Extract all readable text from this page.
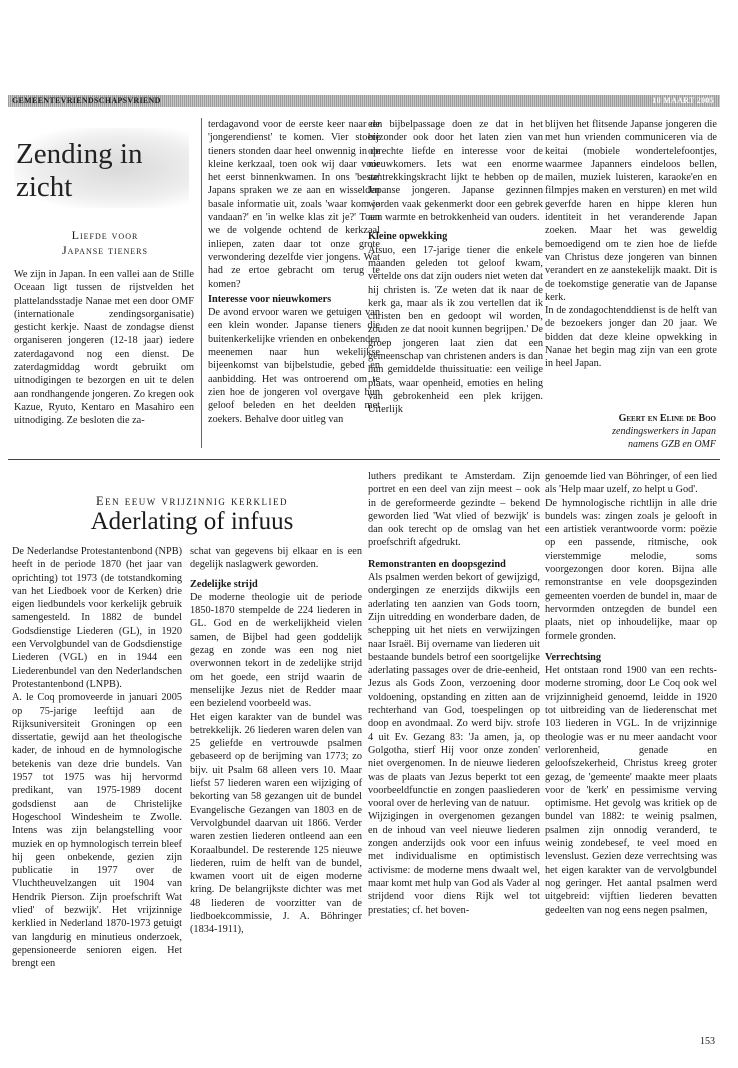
GEMEENTEVRIENDSCHAPSVRIEND	10 MAART 2005
Zending in zicht
Liefde voor
Japanse tieners

We zijn in Japan. In een vallei aan de Stille Oceaan ligt tussen de rijstvelden het plattelandsstadje Nanae met een door OMF (internationale zendingsorganisatie) gesticht kerkje. Naast de zondagse dienst organiseren jongeren (12-18 jaar) iedere zaterdagavond nog een dienst. De zaterdagmiddag wordt gebruikt om uitnodigingen te bezorgen en uit te delen aan rondhangende jongeren. Zo kregen ook Kazue, Ryuto, Kentaro en Masahiro een uitnodiging. Ze besloten die za-

terdagavond voor de eerste keer naar de 'jongerendienst' te komen. Vier stoere tieners stonden daar heel onwennig in de kleine kerkzaal, toen ook wij daar voor het eerst binnenkwamen. In ons 'beste' Japans spraken we ze aan en wisselden basale informatie uit, zoals 'waar kom je vandaan?' en 'in welke klas zit je?' Toen we de volgende ochtend de kerkzaal inliepen, zaten daar tot onze grote verwondering dezelfde vier jongens. Wat had ze ertoe gebracht om terug te komen?

Interesse voor nieuwkomers

De avond ervoor waren we getuigen van een klein wonder. Japanse tieners die buitenkerkelijke vrienden en onbekenden meenemen naar hun wekelijkse bijeenkomst van bijbelstudie, gebed en aanbidding. Het was ontroerend om te zien hoe de jongeren vol overgave hun geloof beleden en het deelden met zoekers. Behalve door uitleg van

een bijbelpassage doen ze dat in het bijzonder ook door het laten zien van oprechte liefde en interesse voor de nieuwkomers. Iets wat een enorme aantrekkingskracht lijkt te hebben op de Japanse jongeren. Japanse gezinnen worden vaak gekenmerkt door een gebrek aan warmte en betrokkenheid van ouders.

Kleine opwekking

Atsuo, een 17-jarige tiener die enkele maanden geleden tot geloof kwam, vertelde ons dat zijn ouders niet weten dat hij christen is. 'Ze weten dat ik naar de kerk ga, maar als ik zou vertellen dat ik christen ben en gedoopt wil worden, zouden ze dat nooit kunnen begrijpen.' De groep jongeren laat zien dat een gemeenschap van christenen anders is dan hun gemiddelde thuissituatie: een veilige plaats, waar openheid, emoties en heling van gebrokenheid een plek krijgen. Uiterlijk

blijven het flitsende Japanse jongeren die met hun vrienden communiceren via de keitai (mobiele wondertelefoontjes, waarmee Japanners eindeloos bellen, mailen, muziek luisteren, karaoke'en en filmpjes maken en versturen) en met wild geverfde haren en hippe kleren hun identiteit in het veranderende Japan zoeken. Maar het was geweldig bemoedigend om te zien hoe de liefde van Christus deze jongeren van binnen verandert en ze aanstekelijk maakt. Dit is de toekomstige generatie van de Japanse kerk.

In de zondagochtenddienst is de helft van de bezoekers jonger dan 20 jaar. We bidden dat deze kleine opwekking in Nanae het begin mag zijn van een grote in heel Japan.

Geert en Eline de Boo
zendingswerkers in Japan
namens GZB en OMF
Een eeuw vrijzinnig kerklied
Aderlating of infuus

De Nederlandse Protestantenbond (NPB) heeft in de periode 1870 (het jaar van oprichting) tot 1973 (de totstandkoming van het Liedboek voor de Kerken) drie eigen liedbundels voor kerkelijk gebruik samengesteld. In 1882 de bundel Godsdienstige Liederen (GL), in 1920 een Vervolgbundel van de Godsdienstige Liederen (VGL) en in 1944 een Liederenbundel van den Nederlandschen Protestantenbond (LNPB).

A. le Coq promoveerde in januari 2005 op 75-jarige leeftijd aan de Rijksuniversiteit Groningen op een dissertatie, gewijd aan het theologische kader, de inhoud en de hymnologische betekenis van deze drie bundels. Van 1957 tot 1975 was hij hervormd predikant, van 1975-1989 docent godsdienst aan de Christelijke Hogeschool Windesheim te Zwolle. Intens was zijn belangstelling voor muziek en op hymnologisch terrein bleef hij geen onbekende, gezien zijn publicatie in 1977 over de Vluchtheuvelzangen uit 1904 van Hendrik Pierson. Zijn proefschrift Wat vlied' of bezwijk'. Het vrijzinnige kerklied in Nederland 1870-1973 getuigt van langdurig en minutieus onderzoek, gepensioneerde senioren eigen. Het brengt een

schat van gegevens bij elkaar en is een degelijk naslagwerk geworden.

Zedelijke strijd

De moderne theologie uit de periode 1850-1870 stempelde de 224 liederen in GL. God en de werkelijkheid vielen samen, de Bijbel had geen goddelijk gezag en zonde was een nog niet overwonnen tekort in de zedelijke strijd om het goede, een strijd waarin de menselijke Jezus niet de Redder maar een bezielend voorbeeld was.

Het eigen karakter van de bundel was betrekkelijk. 26 liederen waren delen van 25 geliefde en vertrouwde psalmen gebaseerd op de berijming van 1773; zo bijv. uit Psalm 68 alleen vers 10. Maar liefst 57 liederen waren een wijziging of bekorting van 58 gezangen uit de bundel Evangelische Gezangen van 1803 en de Vervolgbundel daarvan uit 1866. Verder waren zestien liederen ontleend aan een Koraalbundel. De resterende 125 nieuwe liederen, ruim de helft van de bundel, kwamen voort uit de eigen moderne kring. De belangrijkste dichter was met 48 liederen de voorzitter van de liedboekcommissie, J. A. Böhringer (1834-1911),

luthers predikant te Amsterdam. Zijn portret en een deel van zijn meest – ook in de gereformeerde gezindte – bekend geworden lied 'Wat vlied of bezwijk' is dan ook terecht op de omslag van het proefschrift afgedrukt.

Remonstranten en doopsgezind

Als psalmen werden bekort of gewijzigd, ondergingen ze enerzijds dikwijls een aderlating ten aanzien van Gods toorn, Zijn uitredding en wonderbare daden, de schepping uit het niets en verwijzingen naar Israël. Bij overname van liederen uit bestaande bundels betrof een soortgelijke aderlating passages over de drie-eenheid, Jezus als Gods Zoon, verzoening door voldoening, opstanding en zitten aan de rechterhand van God, toespelingen op doop en avondmaal. Zo werd bijv. strofe 4 uit Ev. Gezang 83: 'Ja amen, ja, op Golgotha, stierf Hij voor onze zonden' niet overgenomen. In de nieuwe liederen was de plaats van Jezus beperkt tot een voorbeeldfunctie en zongen paasliederen vooral over de herleving van de natuur.

Wijzigingen in overgenomen gezangen en de inhoud van veel nieuwe liederen zongen anderzijds ook voor een infuus met individualisme en optimistisch activisme: de moderne mens dwaalt wel, maar komt met hulp van God als Vader al strijdend voor diens Rijk wel tot prestaties; cf. het boven-

genoemde lied van Böhringer, of een lied als 'Help maar uzelf, zo helpt u God'.

De hymnologische richtlijn in alle drie bundels was: zingen zoals je gelooft in een artistiek verantwoorde vorm: poëzie op een passende, ritmische, ook vierstemmige melodie, soms voorgezongen door koren. Bijna alle remonstrantse en vele doopsgezinden gemeenten voerden de bundel in, maar de hervormden ontzegden de bundel een plaats, niet op inhoudelijke, maar op formele gronden.

Verrechtsing

Het ontstaan rond 1900 van een rechts-moderne stroming, door Le Coq ook wel vrijzinnigheid genoemd, leidde in 1920 tot uitbreiding van de liederenschat met 103 liederen in VGL. In de vrijzinnige theologie was er nu meer aandacht voor verlorenheid, genade en geloofszekerheid, Christus kreeg groter gezag, de 'gemeente' maakte meer plaats voor de 'kerk' en pessimisme verving optimisme. Het gevolg was kritiek op de bundel van 1882: te weinig psalmen, psalmen zijn onnodig veranderd, te weinig zondebesef, te veel moed en levenslust. Gezien deze verrechtsing was het eigen karakter van de vervolgbundel nog geringer. Het aantal psalmen werd uitgebreid: vijftien liederen bevatten gedeelten van nog eens negen psalmen,

153
